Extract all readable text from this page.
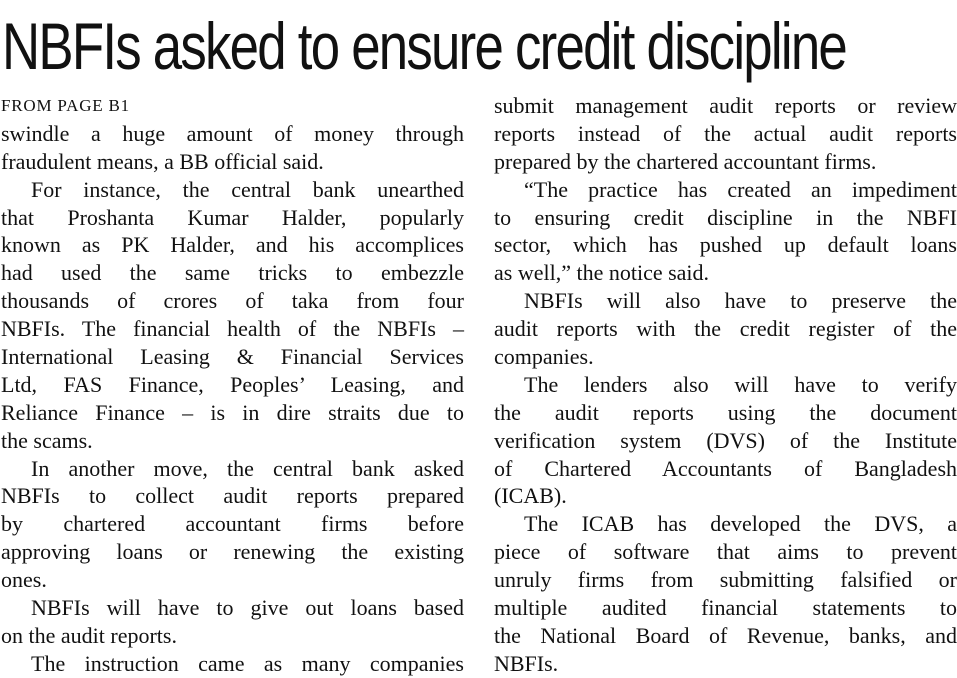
NBFIs asked to ensure credit discipline
FROM PAGE B1
swindle a huge amount of money through
fraudulent means, a BB official said.
For instance, the central bank unearthed
that Proshanta Kumar Halder, popularly
known as PK Halder, and his accomplices
had used the same tricks to embezzle
thousands of crores of taka from four
NBFIs. The financial health of the NBFIs –
International Leasing & Financial Services
Ltd, FAS Finance, Peoples’ Leasing, and
Reliance Finance – is in dire straits due to
the scams.
In another move, the central bank asked
NBFIs to collect audit reports prepared
by chartered accountant firms before
approving loans or renewing the existing
ones.
NBFIs will have to give out loans based
on the audit reports.
The instruction came as many companies
submit management audit reports or review
reports instead of the actual audit reports
prepared by the chartered accountant firms.
“The practice has created an impediment
to ensuring credit discipline in the NBFI
sector, which has pushed up default loans
as well,” the notice said.
NBFIs will also have to preserve the
audit reports with the credit register of the
companies.
The lenders also will have to verify
the audit reports using the document
verification system (DVS) of the Institute
of Chartered Accountants of Bangladesh
(ICAB).
The ICAB has developed the DVS, a
piece of software that aims to prevent
unruly firms from submitting falsified or
multiple audited financial statements to
the National Board of Revenue, banks, and
NBFIs.
